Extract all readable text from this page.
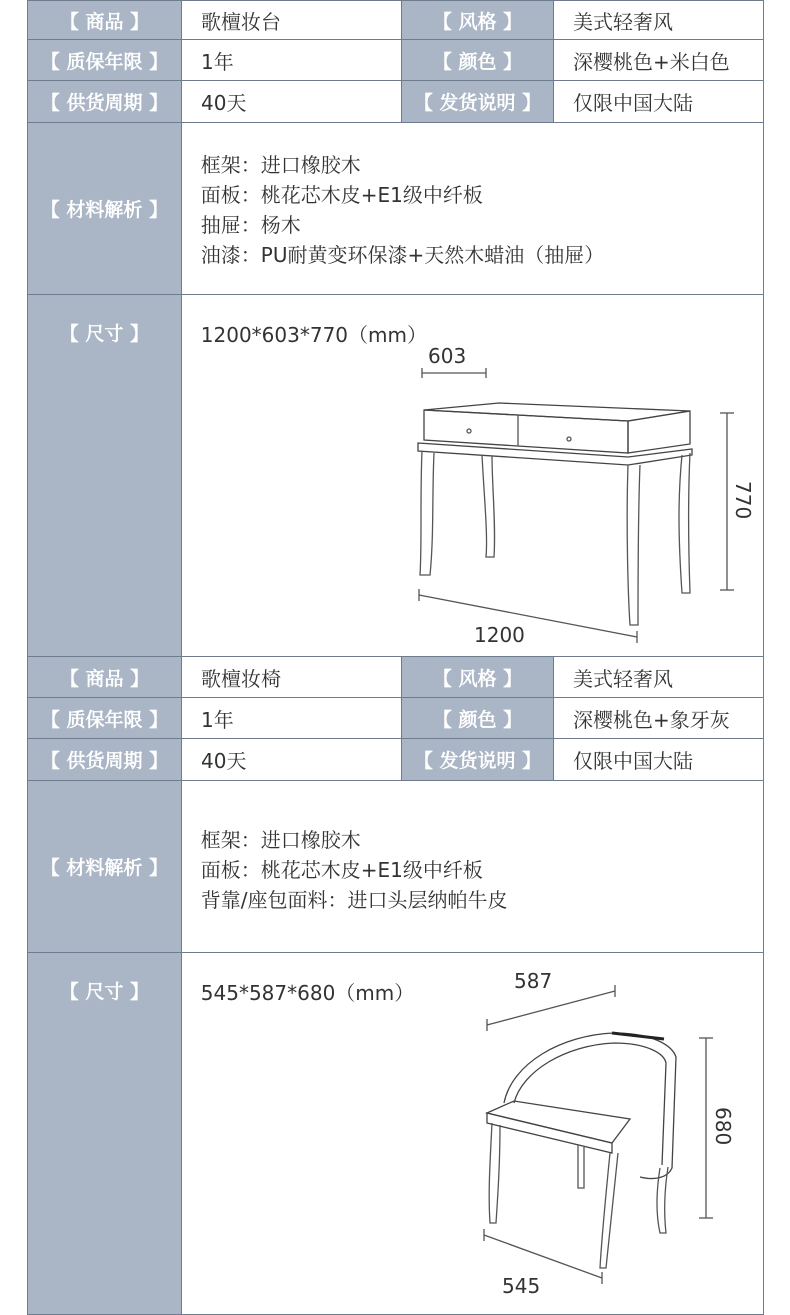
【 商品 】	歌檀妆台	【 风格 】	美式轻奢风
【 质保年限 】	1年	【 颜色 】	深樱桃色+米白色
【 供货周期 】	40天	【 发货说明 】	仅限中国大陆
【 材料解析 】
框架：进口橡胶木
面板：桃花芯木皮+E1级中纤板
抽屉：杨木
油漆：PU耐黄变环保漆+天然木蜡油（抽屉）
【 尺寸 】	1200*603*770（mm）
603
770
1200
【 商品 】	歌檀妆椅	【 风格 】	美式轻奢风
【 质保年限 】	1年	【 颜色 】	深樱桃色+象牙灰
【 供货周期 】	40天	【 发货说明 】	仅限中国大陆
【 材料解析 】
框架：进口橡胶木
面板：桃花芯木皮+E1级中纤板
背靠/座包面料：进口头层纳帕牛皮
【 尺寸 】	545*587*680（mm）	587
680
545
